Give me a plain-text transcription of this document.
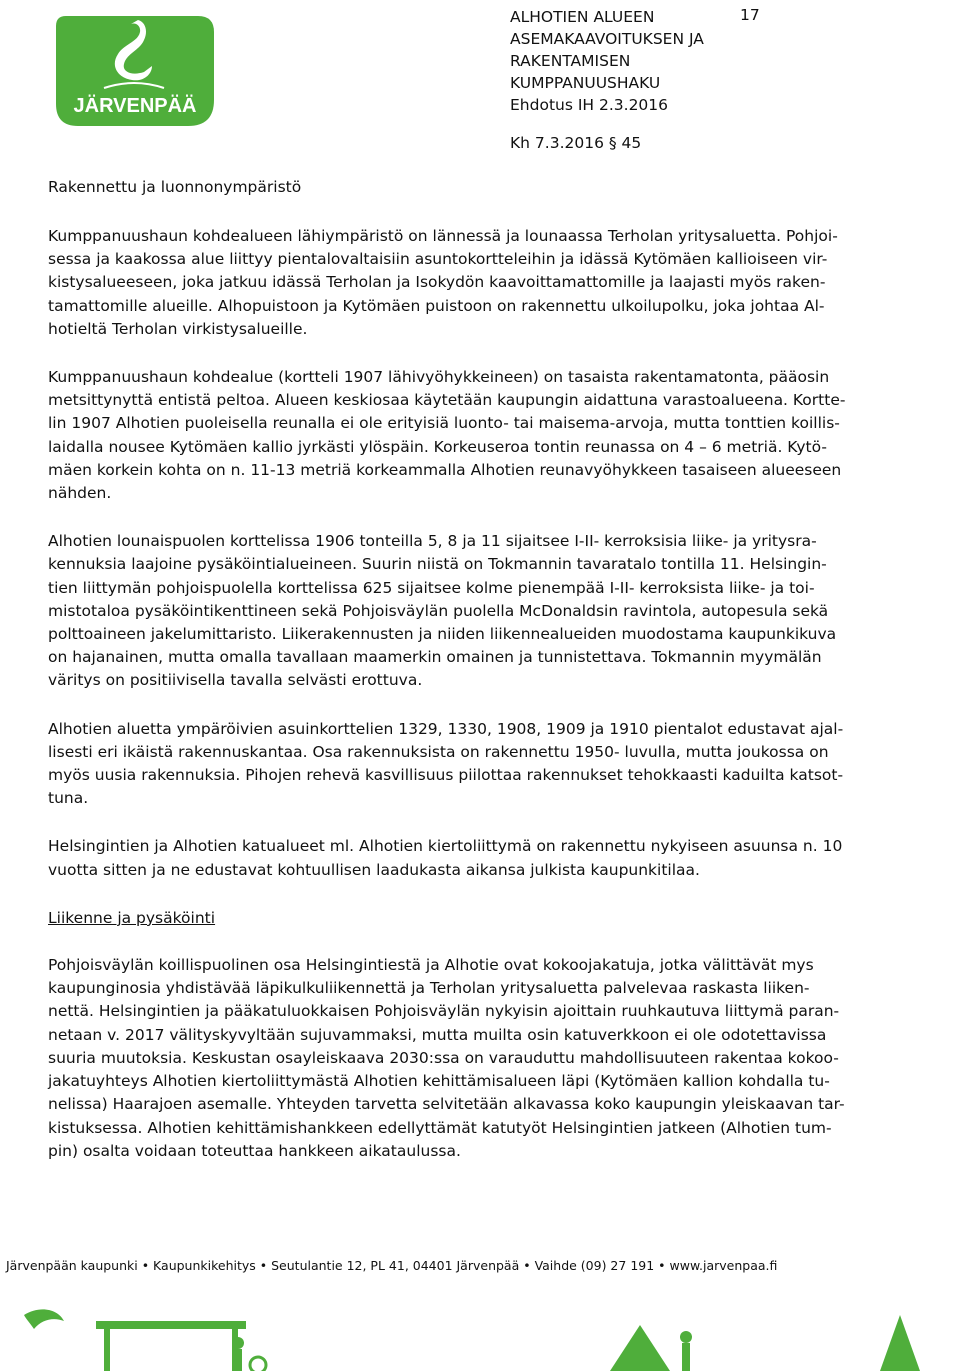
JÄRVENPÄÄ
ALHOTIEN ALUEEN
ASEMAKAAVOITUKSEN JA
RAKENTAMISEN
KUMPPANUUSHAKU
Ehdotus IH 2.3.2016
17
Kh 7.3.2016 § 45
Rakennettu ja luonnonympäristö

Kumppanuushaun kohdealueen lähiympäristö on lännessä ja lounaassa Terholan yritysaluetta. Pohjoi-
sessa ja kaakossa alue liittyy pientalovaltaisiin asuntokortteleihin ja idässä Kytömäen kallioiseen vir-
kistysalueeseen, joka jatkuu idässä Terholan ja Isokydön kaavoittamattomille ja laajasti myös raken-
tamattomille alueille. Alhopuistoon ja Kytömäen puistoon on rakennettu ulkoilupolku, joka johtaa Al-
hotieltä Terholan virkistysalueille.

Kumppanuushaun kohdealue (kortteli 1907 lähivyöhykkeineen) on tasaista rakentamatonta, pääosin
metsittynyttä entistä peltoa. Alueen keskiosaa käytetään kaupungin aidattuna varastoalueena. Kortte-
lin 1907 Alhotien puoleisella reunalla ei ole erityisiä luonto- tai maisema-arvoja, mutta tonttien koillis-
laidalla nousee Kytömäen kallio jyrkästi ylöspäin. Korkeuseroa tontin reunassa on 4 – 6 metriä. Kytö-
mäen korkein kohta on n. 11-13 metriä korkeammalla Alhotien reunavyöhykkeen tasaiseen alueeseen
nähden.

Alhotien lounaispuolen korttelissa 1906 tonteilla 5, 8 ja 11 sijaitsee I-II- kerroksisia liike- ja yritysra-
kennuksia laajoine pysäköintialueineen. Suurin niistä on Tokmannin tavaratalo tontilla 11. Helsingin-
tien liittymän pohjoispuolella korttelissa 625 sijaitsee kolme pienempää I-II- kerroksista liike- ja toi-
mistotaloa pysäköintikenttineen sekä Pohjoisväylän puolella McDonaldsin ravintola, autopesula sekä
polttoaineen jakelumittaristo. Liikerakennusten ja niiden liikennealueiden muodostama kaupunkikuva
on hajanainen, mutta omalla tavallaan maamerkin omainen ja tunnistettava. Tokmannin myymälän
väritys on positiivisella tavalla selvästi erottuva.

Alhotien aluetta ympäröivien asuinkorttelien 1329, 1330, 1908, 1909 ja 1910 pientalot edustavat ajal-
lisesti eri ikäistä rakennuskantaa. Osa rakennuksista on rakennettu 1950- luvulla, mutta joukossa on
myös uusia rakennuksia. Pihojen rehevä kasvillisuus piilottaa rakennukset tehokkaasti kaduilta katsot-
tuna.

Helsingintien ja Alhotien katualueet ml. Alhotien kiertoliittymä on rakennettu nykyiseen asuunsa n. 10
vuotta sitten ja ne edustavat kohtuullisen laadukasta aikansa julkista kaupunkitilaa.

Liikenne ja pysäköinti

Pohjoisväylän koillispuolinen osa Helsingintiestä ja Alhotie ovat kokoojakatuja, jotka välittävät mys
kaupunginosia yhdistävää läpikulkuliikennettä ja Terholan yritysaluetta palvelevaa raskasta liiken-
nettä. Helsingintien ja pääkatuluokkaisen Pohjoisväylän nykyisin ajoittain ruuhkautuva liittymä paran-
netaan v. 2017 välityskyvyltään sujuvammaksi, mutta muilta osin katuverkkoon ei ole odotettavissa
suuria muutoksia. Keskustan osayleiskaava 2030:ssa on varauduttu mahdollisuuteen rakentaa kokoo-
jakatuyhteys Alhotien kiertoliittymästä Alhotien kehittämisalueen läpi (Kytömäen kallion kohdalla tu-
nelissa) Haarajoen asemalle. Yhteyden tarvetta selvitetään alkavassa koko kaupungin yleiskaavan tar-
kistuksessa. Alhotien kehittämishankkeen edellyttämät katutyöt Helsingintien jatkeen (Alhotien tum-
pin) osalta voidaan toteuttaa hankkeen aikataulussa.

Järvenpään kaupunki • Kaupunkikehitys • Seutulantie 12, PL 41, 04401 Järvenpää • Vaihde (09) 27 191 • www.jarvenpaa.fi
